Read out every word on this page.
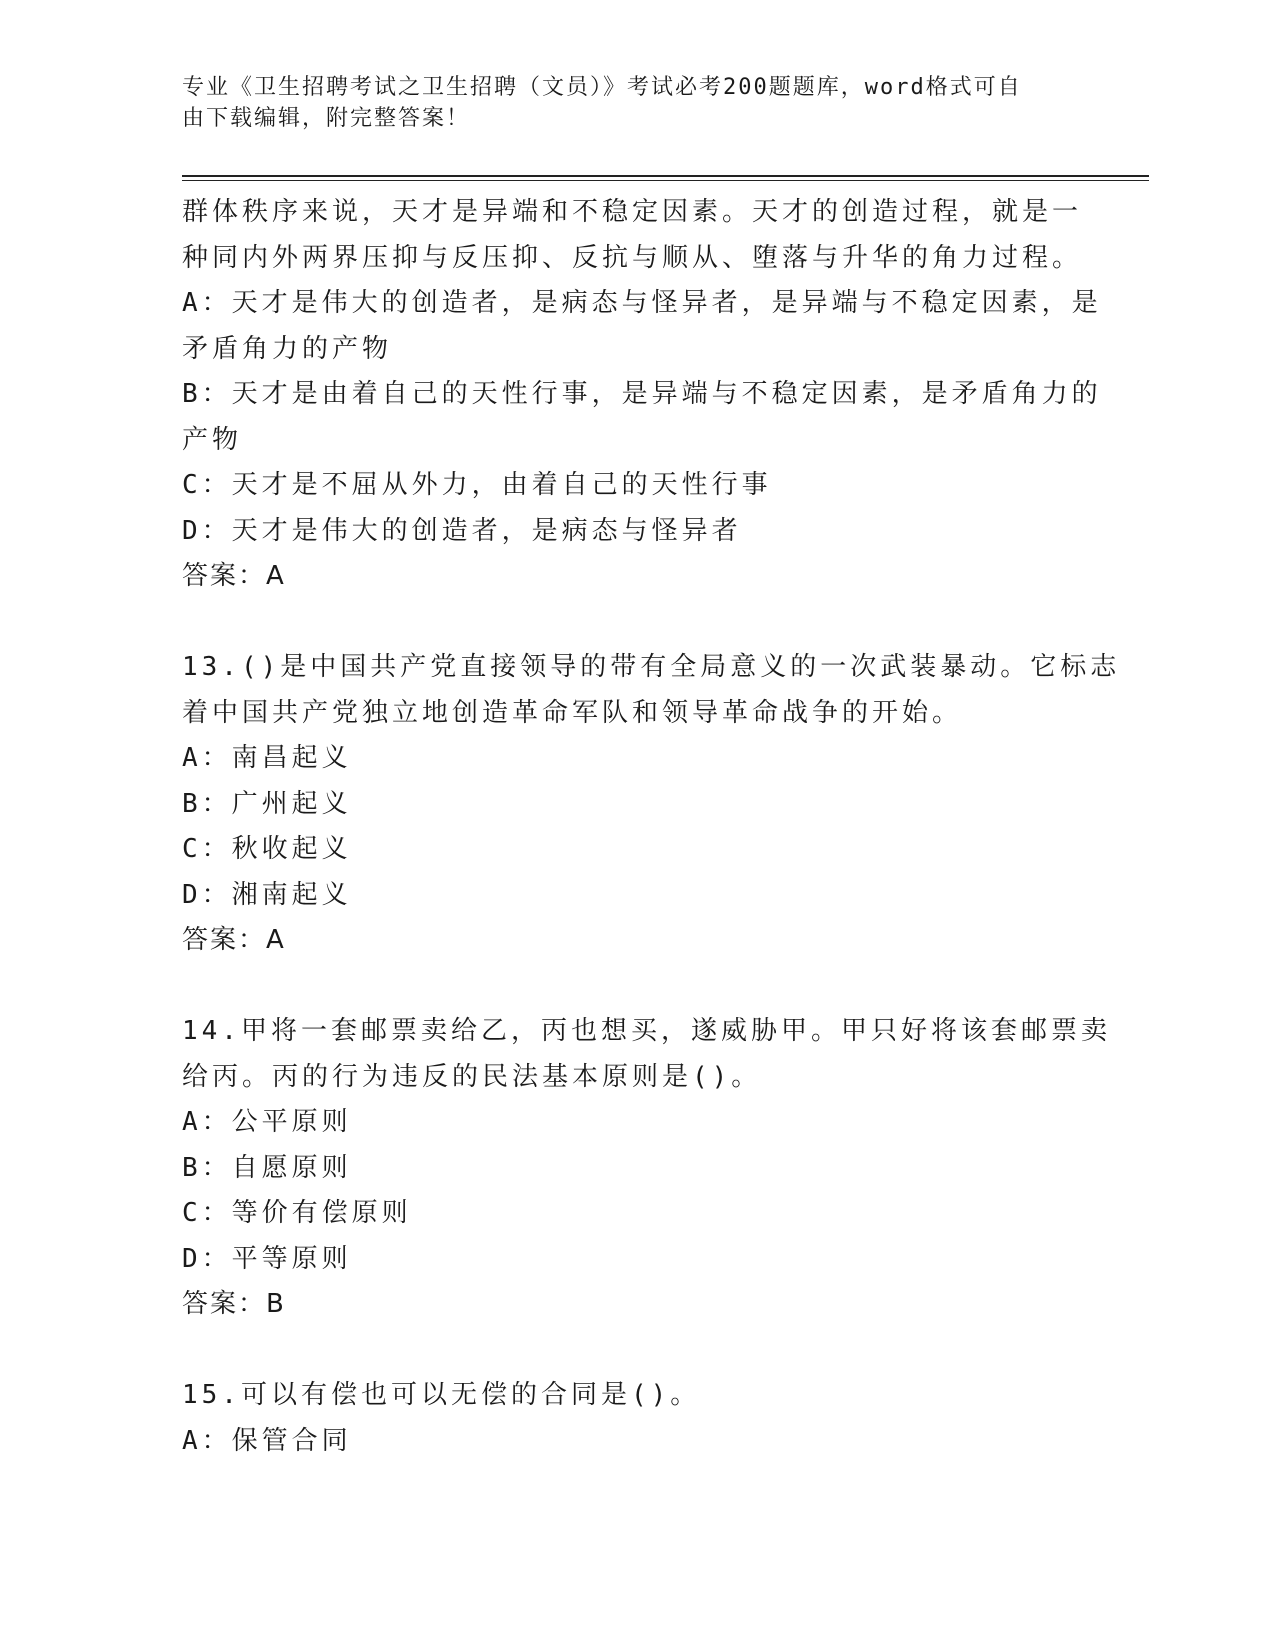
专业《卫生招聘考试之卫生招聘（文员）》考试必考200题题库，word格式可自
由下载编辑，附完整答案！
群体秩序来说，天才是异端和不稳定因素。天才的创造过程，就是一
种同内外两界压抑与反压抑、反抗与顺从、堕落与升华的角力过程。
A：天才是伟大的创造者，是病态与怪异者，是异端与不稳定因素，是
矛盾角力的产物
B：天才是由着自己的天性行事，是异端与不稳定因素，是矛盾角力的
产物
C：天才是不屈从外力，由着自己的天性行事
D：天才是伟大的创造者，是病态与怪异者
答案：A
13.()是中国共产党直接领导的带有全局意义的一次武装暴动。它标志
着中国共产党独立地创造革命军队和领导革命战争的开始。
A：南昌起义
B：广州起义
C：秋收起义
D：湘南起义
答案：A
14.甲将一套邮票卖给乙，丙也想买，遂威胁甲。甲只好将该套邮票卖
给丙。丙的行为违反的民法基本原则是()。
A：公平原则
B：自愿原则
C：等价有偿原则
D：平等原则
答案：B
15.可以有偿也可以无偿的合同是()。
A：保管合同
